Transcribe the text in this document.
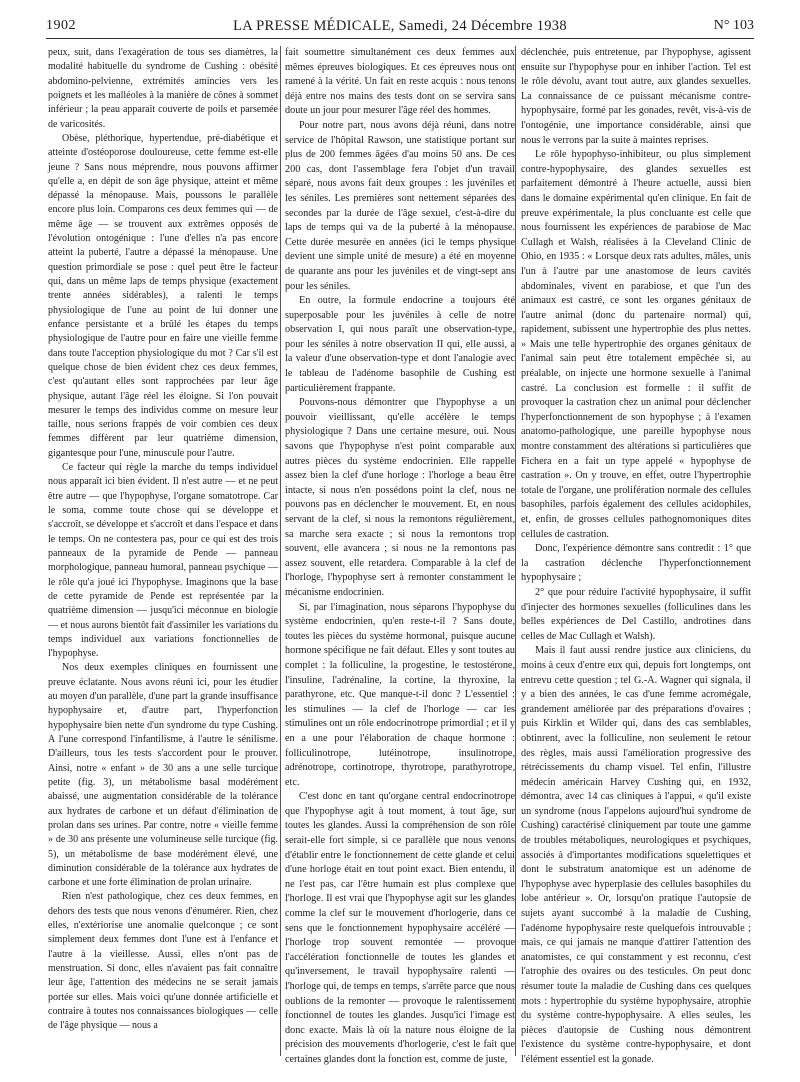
1902	LA PRESSE MÉDICALE, Samedi, 24 Décembre 1938	N° 103

peux, suit, dans l'exagération de tous ses diamètres, la modalité habituelle du syndrome de Cushing : obésité abdomino-pelvienne, extrémités amincies vers les poignets et les malléoles à la manière de cônes à sommet inférieur ; la peau apparait couverte de poils et parsemée de varicosités.

Obèse, pléthorique, hypertendue, pré-diabétique et atteinte d'ostéoporose douloureuse, cette femme est-elle jeune ? Sans nous méprendre, nous pouvons affirmer qu'elle a, en dépit de son âge physique, atteint et même dépassé la ménopause. Mais, poussons le parallèle encore plus loin. Comparons ces deux femmes qui — de même âge — se trouvent aux extrêmes opposés de l'évolution ontogénique : l'une d'elles n'a pas encore atteint la puberté, l'autre a dépassé la ménopause. Une question primordiale se pose : quel peut être le facteur qui, dans un même laps de temps physique (exactement trente années sidérables), a ralenti le temps physiologique de l'une au point de lui donner une enfance persistante et a brûlé les étapes du temps physiologique de l'autre pour en faire une vieille femme dans toute l'acception physiologique du mot ? Car s'il est quelque chose de bien évident chez ces deux femmes, c'est qu'autant elles sont rapprochées par leur âge physique, autant l'âge réel les éloigne. Si l'on pouvait mesurer le temps des individus comme on mesure leur taille, nous serions frappés de voir combien ces deux femmes diffèrent par leur quatrième dimension, gigantesque pour l'une, minuscule pour l'autre.

Ce facteur qui règle la marche du temps individuel nous apparaît ici bien évident. Il n'est autre — et ne peut être autre — que l'hypophyse, l'organe somatotrope. Car le soma, comme toute chose qui se développe et s'accroît, se développe et s'accroît et dans l'espace et dans le temps. On ne contestera pas, pour ce qui est des trois panneaux de la pyramide de Pende — panneau morphologique, panneau humoral, panneau psychique — le rôle qu'a joué ici l'hypophyse. Imaginons que la base de cette pyramide de Pende est représentée par la quatrième dimension — jusqu'ici méconnue en biologie — et nous aurons bientôt fait d'assimiler les variations du temps individuel aux variations fonctionnelles de l'hypophyse.

Nos deux exemples cliniques en fournissent une preuve éclatante. Nous avons réuni ici, pour les étudier au moyen d'un parallèle, d'une part la grande insuffisance hypophysaire et, d'autre part, l'hyperfonction hypophysaire bien nette d'un syndrome du type Cushing. A l'une correspond l'infantilisme, à l'autre le sénilisme. D'ailleurs, tous les tests s'accordent pour le prouver. Ainsi, notre « enfant » de 30 ans a une selle turcique petite (fig. 3), un métabolisme basal modérément abaissé, une augmentation considérable de la tolérance aux hydrates de carbone et un défaut d'élimination de prolan dans ses urines. Par contre, notre « vieille femme » de 30 ans présente une volumineuse selle turcique (fig. 5), un métabolisme de base modérément élevé, une diminution considérable de la tolérance aux hydrates de carbone et une forte élimination de prolan urinaire.

Rien n'est pathologique, chez ces deux femmes, en dehors des tests que nous venons d'énumérer. Rien, chez elles, n'extériorise une anomalie quelconque ; ce sont simplement deux femmes dont l'une est à l'enfance et l'autre à la vieillesse. Aussi, elles n'ont pas de menstruation. Si donc, elles n'avaient pas fait connaître leur âge, l'attention des médecins ne se serait jamais portée sur elles. Mais voici qu'une donnée artificielle et contraire à toutes nos connaissances biologiques — celle de l'âge physique — nous a

fait soumettre simultanément ces deux femmes aux mêmes épreuves biologiques. Et ces épreuves nous ont ramené à la vérité. Un fait en reste acquis : nous tenons déjà entre nos mains des tests dont on se servira sans doute un jour pour mesurer l'âge réel des hommes.

Pour notre part, nous avons déjà réuni, dans notre service de l'hôpital Rawson, une statistique portant sur plus de 200 femmes âgées d'au moins 50 ans. De ces 200 cas, dont l'assemblage fera l'objet d'un travail séparé, nous avons fait deux groupes : les juvéniles et les séniles. Les premières sont nettement séparées des secondes par la durée de l'âge sexuel, c'est-à-dire du laps de temps qui va de la puberté à la ménopause. Cette durée mesurée en années (ici le temps physique devient une simple unité de mesure) a été en moyenne de quarante ans pour les juvéniles et de vingt-sept ans pour les séniles.

En outre, la formule endocrine a toujours été superposable pour les juvéniles à celle de notre observation I, qui nous paraît une observation-type, pour les séniles à notre observation II qui, elle aussi, a la valeur d'une observation-type et dont l'analogie avec le tableau de l'adénome basophile de Cushing est particulièrement frappante.

Pouvons-nous démontrer que l'hypophyse a un pouvoir vieillissant, qu'elle accélère le temps physiologique ? Dans une certaine mesure, oui. Nous savons que l'hypophyse n'est point comparable aux autres pièces du système endocrinien. Elle rappelle assez bien la clef d'une horloge : l'horloge a beau être intacte, si nous n'en possédons point la clef, nous ne pouvons pas en déclencher le mouvement. Et, en nous servant de la clef, si nous la remontons régulièrement, sa marche sera exacte ; si nous la remontons trop souvent, elle avancera ; si nous ne la remontons pas assez souvent, elle retardera. Comparable à la clef de l'horloge, l'hypophyse sert à remonter constamment le mécanisme endocrinien.

Si, par l'imagination, nous séparons l'hypophyse du système endocrinien, qu'en reste-t-il ? Sans doute, toutes les pièces du système hormonal, puisque aucune hormone spécifique ne fait défaut. Elles y sont toutes au complet : la folliculine, la progestine, le testostérone, l'insuline, l'adrénaline, la cortine, la thyroxine, la parathyrone, etc. Que manque-t-il donc ? L'essentiel : les stimulines — la clef de l'horloge — car les stimulines ont un rôle endocrinotrope primordial ; et il y en a une pour l'élaboration de chaque hormone : folliculinotrope, lutéinotrope, insulinotrope, adrénotrope, cortinotrope, thyrotrope, parathyrotrope, etc.

C'est donc en tant qu'organe central endocrinotrope que l'hypophyse agit à tout moment, à tout âge, sur toutes les glandes. Aussi la compréhension de son rôle serait-elle fort simple, si ce parallèle que nous venons d'établir entre le fonctionnement de cette glande et celui d'une horloge était en tout point exact. Bien entendu, il ne l'est pas, car l'être humain est plus complexe que l'horloge. Il est vrai que l'hypophyse agit sur les glandes comme la clef sur le mouvement d'horlogerie, dans ce sens que le fonctionnement hypophysaire accéléré — l'horloge trop souvent remontée — provoque l'accélération fonctionnelle de toutes les glandes et qu'inversement, le travail hypophysaire ralenti — l'horloge qui, de temps en temps, s'arrête parce que nous oublions de la remonter — provoque le ralentissement fonctionnel de toutes les glandes. Jusqu'ici l'image est donc exacte. Mais là où la nature nous éloigne de la précision des mouvements d'horlogerie, c'est le fait que certaines glandes dont la fonction est, comme de juste,

déclenchée, puis entretenue, par l'hypophyse, agissent ensuite sur l'hypophyse pour en inhiber l'action. Tel est le rôle dévolu, avant tout autre, aux glandes sexuelles. La connaissance de ce puissant mécanisme contre-hypophysaire, formé par les gonades, revêt, vis-à-vis de l'ontogénie, une importance considérable, ainsi que nous le verrons par la suite à maintes reprises.

Le rôle hypophyso-inhibiteur, ou plus simplement contre-hypophysaire, des glandes sexuelles est parfaitement démontré à l'heure actuelle, aussi bien dans le domaine expérimental qu'en clinique. En fait de preuve expérimentale, la plus concluante est celle que nous fournissent les expériences de parabiose de Mac Cullagh et Walsh, réalisées à la Cleveland Clinic de Ohio, en 1935 : « Lorsque deux rats adultes, mâles, unis l'un à l'autre par une anastomose de leurs cavités abdominales, vivent en parabiose, et que l'un des animaux est castré, ce sont les organes génitaux de l'autre animal (donc du partenaire normal) qui, rapidement, subissent une hypertrophie des plus nettes. » Mais une telle hypertrophie des organes génitaux de l'animal sain peut être totalement empêchée si, au préalable, on injecte une hormone sexuelle à l'animal castré. La conclusion est formelle : il suffit de provoquer la castration chez un animal pour déclencher l'hyperfonctionnement de son hypophyse ; à l'examen anatomo-pathologique, une pareille hypophyse nous montre constamment des altérations si particulières que Fichera en a fait un type appelé « hypophyse de castration ». On y trouve, en effet, outre l'hypertrophie totale de l'organe, une prolifération normale des cellules basophiles, parfois également des cellules acidophiles, et, enfin, de grosses cellules pathognomoniques dites cellules de castration.

Donc, l'expérience démontre sans contredit : 1° que la castration déclenche l'hyperfonctionnement hypophysaire ;

2° que pour réduire l'activité hypophysaire, il suffit d'injecter des hormones sexuelles (folliculines dans les belles expériences de Del Castillo, androtines dans celles de Mac Cullagh et Walsh).

Mais il faut aussi rendre justice aux cliniciens, du moins à ceux d'entre eux qui, depuis fort longtemps, ont entrevu cette question ; tel G.-A. Wagner qui signala, il y a bien des années, le cas d'une femme acromégale, grandement améliorée par des préparations d'ovaires ; puis Kirklin et Wilder qui, dans des cas semblables, obtinrent, avec la folliculine, non seulement le retour des règles, mais aussi l'amélioration progressive des rétrécissements du champ visuel. Tel enfin, l'illustre médecin américain Harvey Cushing qui, en 1932, démontra, avec 14 cas cliniques à l'appui, « qu'il existe un syndrome (nous l'appelons aujourd'hui syndrome de Cushing) caractérisé cliniquement par toute une gamme de troubles métaboliques, neurologiques et psychiques, associés à d'importantes modifications squelettiques et dont le substratum anatomique est un adénome de l'hypophyse avec hyperplasie des cellules basophiles du lobe antérieur ». Or, lorsqu'on pratique l'autopsie de sujets ayant succombé à la maladie de Cushing, l'adénome hypophysaire reste quelquefois introuvable ; mais, ce qui jamais ne manque d'attirer l'attention des anatomistes, ce qui constamment y est reconnu, c'est l'atrophie des ovaires ou des testicules. On peut donc résumer toute la maladie de Cushing dans ces quelques mots : hypertrophie du système hypophysaire, atrophie du système contre-hypophysaire. A elles seules, les pièces d'autopsie de Cushing nous démontrent l'existence du système contre-hypophysaire, et dont l'élément essentiel est la gonade.
